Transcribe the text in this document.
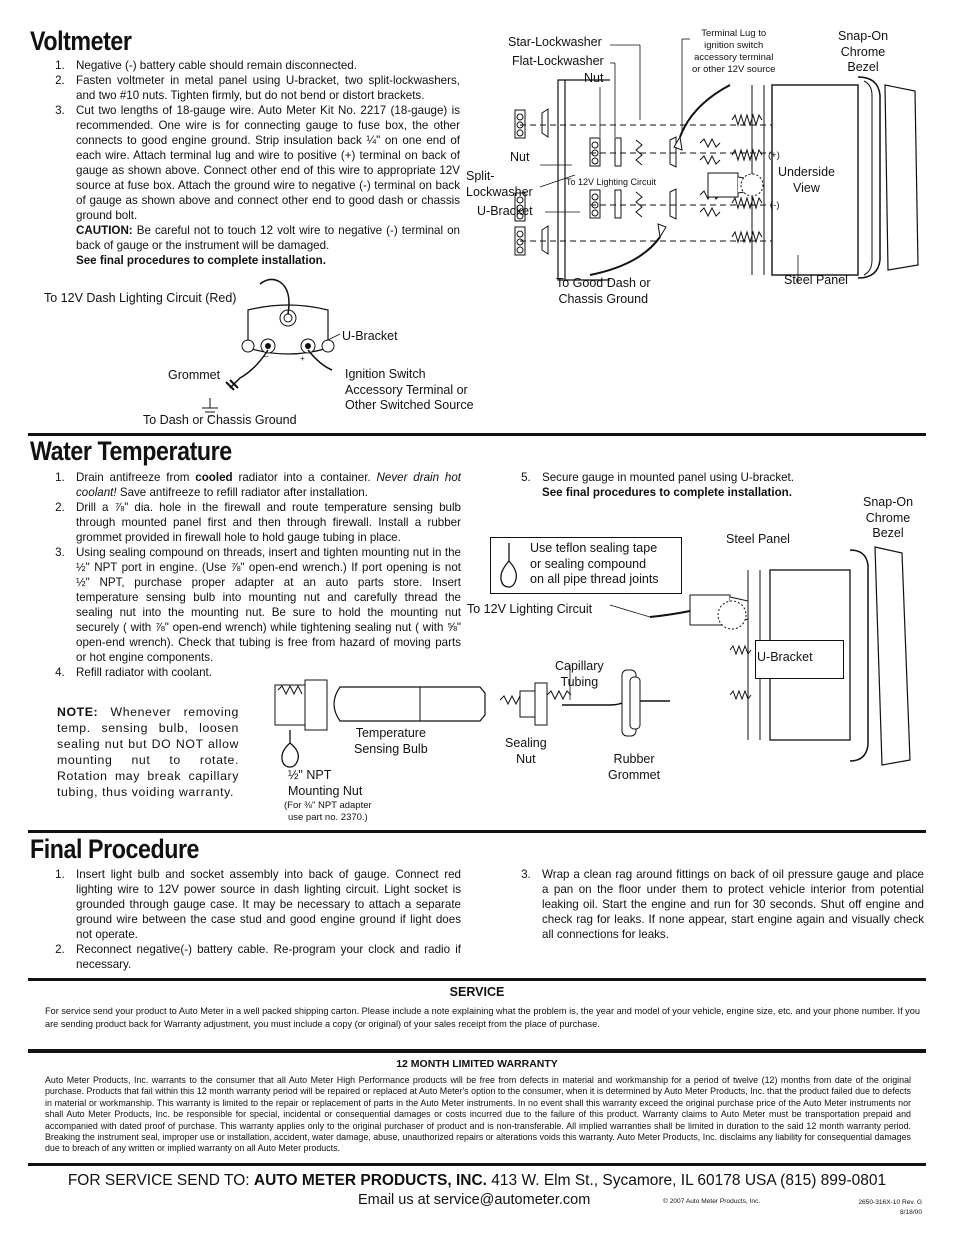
Voltmeter
1. Negative (-) battery cable should remain disconnected.
2. Fasten voltmeter in metal panel using U-bracket, two split-lockwashers, and two #10 nuts. Tighten firmly, but do not bend or distort brackets.
3. Cut two lengths of 18-gauge wire. Auto Meter Kit No. 2217 (18-gauge) is recommended. One wire is for connecting gauge to fuse box, the other connects to good engine ground. Strip insulation back ¼" on one end of each wire. Attach terminal lug and wire to positive (+) terminal on back of gauge as shown above. Connect other end of this wire to appropriate 12V source at fuse box. Attach the ground wire to negative (-) terminal on back of gauge as shown above and connect other end to good dash or chassis ground bolt.
CAUTION: Be careful not to touch 12 volt wire to negative (-) terminal on back of gauge or the instrument will be damaged.
See final procedures to complete installation.
Star-Lockwasher
Flat-Lockwasher
Nut
Terminal Lug to
ignition switch
accessory terminal
or other 12V source
Snap-On
Chrome
Bezel
Nut
Split-
Lockwasher
U-Bracket
To 12V Lighting Circuit
(+)
Underside
View
(-)
To Good Dash or
Chassis Ground
Steel Panel
–	+
To 12V Dash Lighting Circuit (Red)
U-Bracket
Grommet	Ignition Switch
Accessory Terminal or
Other Switched Source
To Dash or Chassis Ground
Water Temperature
1. Drain antifreeze from cooled radiator into a container. Never drain hot coolant! Save antifreeze to refill radiator after installation.
2. Drill a ⅞" dia. hole in the firewall and route temperature sensing bulb through mounted panel first and then through firewall. Install a rubber grommet provided in firewall hole to hold gauge tubing in place.
3. Using sealing compound on threads, insert and tighten mounting nut in the ½" NPT port in engine. (Use ⅞" open-end wrench.) If port opening is not ½" NPT, purchase proper adapter at an auto parts store. Insert temperature sensing bulb into mounting nut and carefully thread the sealing nut into the mounting nut. Be sure to hold the mounting nut securely ( with ⅞" open-end wrench) while tightening sealing nut ( with ⅝" open-end wrench). Check that tubing is free from hazard of moving parts or hot engine components.
4. Refill radiator with coolant.
5. Secure gauge in mounted panel using U-bracket.
See final procedures to complete installation.
NOTE: Whenever removing temp. sensing bulb, loosen sealing nut but DO NOT allow mounting nut to rotate. Rotation may break capillary tubing, thus voiding warranty.
Use teflon sealing tape
or sealing compound
on all pipe thread joints
Steel Panel
Snap-On
Chrome
Bezel
To 12V Lighting Circuit
U-Bracket
Capillary
Tubing
Temperature
Sensing Bulb	Sealing
Nut	Rubber
Grommet
½" NPT
Mounting Nut
(For ⅜" NPT adapter
use part no. 2370.)
Final Procedure
1. Insert light bulb and socket assembly into back of gauge. Connect red lighting wire to 12V power source in dash lighting circuit. Light socket is grounded through gauge case. It may be necessary to attach a separate ground wire between the case stud and good engine ground if light does not operate.
2. Reconnect negative(-) battery cable. Re-program your clock and radio if necessary.
3. Wrap a clean rag around fittings on back of oil pressure gauge and place a pan on the floor under them to protect vehicle interior from potential leaking oil. Start the engine and run for 30 seconds. Shut off engine and check rag for leaks. If none appear, start engine again and visually check all connections for leaks.
SERVICE
For service send your product to Auto Meter in a well packed shipping carton. Please include a note explaining what the problem is, the year and model of your vehicle, engine size, etc. and your phone number. If you are sending product back for Warranty adjustment, you must include a copy (or original) of your sales receipt from the place of purchase.
12 MONTH LIMITED WARRANTY
Auto Meter Products, Inc. warrants to the consumer that all Auto Meter High Performance products will be free from defects in material and workmanship for a period of twelve (12) months from date of the original purchase. Products that fail within this 12 month warranty period will be repaired or replaced at Auto Meter's option to the consumer, when it is determined by Auto Meter Products, Inc. that the product failed due to defects in material or workmanship. This warranty is limited to the repair or replacement of parts in the Auto Meter instruments. In no event shall this warranty exceed the original purchase price of the Auto Meter instruments nor shall Auto Meter Products, Inc. be responsible for special, incidental or consequential damages or costs incurred due to the failure of this product. Warranty claims to Auto Meter must be transportation prepaid and accompanied with dated proof of purchase. This warranty applies only to the original purchaser of product and is non-transferable. All implied warranties shall be limited in duration to the said 12 month warranty period. Breaking the instrument seal, improper use or installation, accident, water damage, abuse, unauthorized repairs or alterations voids this warranty. Auto Meter Products, Inc. disclaims any liability for consequential damages due to breach of any written or implied warranty on all Auto Meter products.
FOR SERVICE SEND TO: AUTO METER PRODUCTS, INC. 413 W. Elm St., Sycamore, IL 60178 USA (815) 899-0801
Email us at service@autometer.com	© 2007 Auto Meter Products, Inc.	2650-316X-10 Rev. G
8/18/00
